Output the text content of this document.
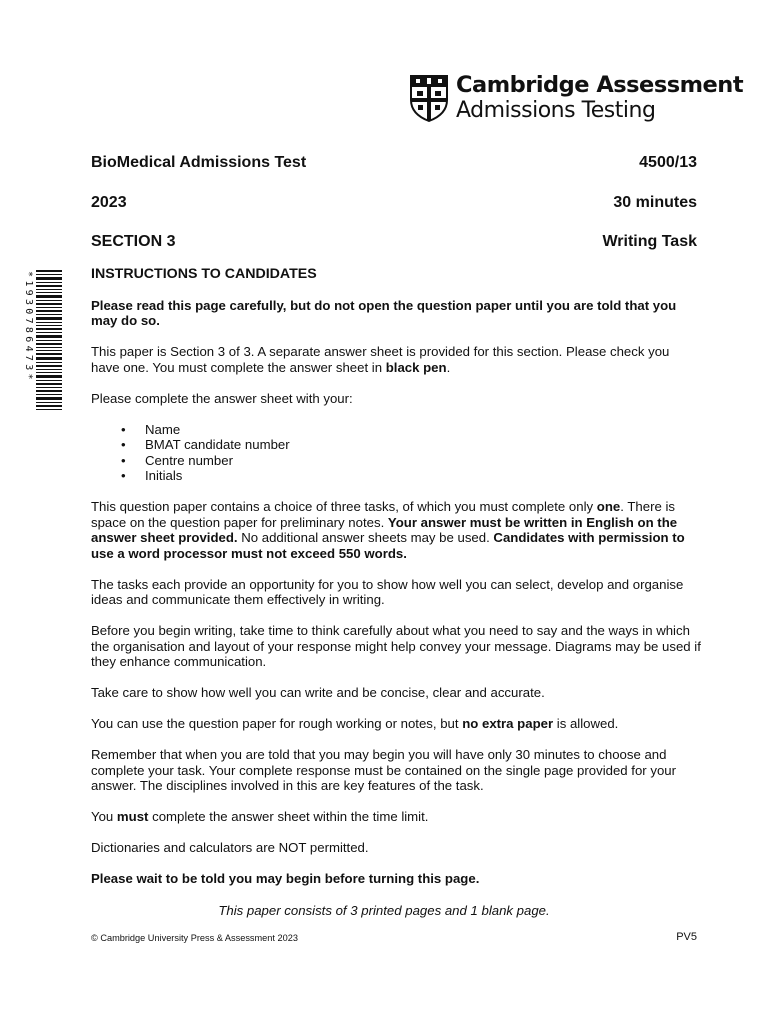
Cambridge Assessment
Admissions Testing
BioMedical Admissions Test	4500/13
2023	30 minutes
SECTION 3	Writing Task
*1930786473*	INSTRUCTIONS TO CANDIDATES

Please read this page carefully, but do not open the question paper until you are told that you may do so.

This paper is Section 3 of 3. A separate answer sheet is provided for this section. Please check you have one. You must complete the answer sheet in black pen.

Please complete the answer sheet with your:

• Name
• BMAT candidate number
• Centre number
• Initials

This question paper contains a choice of three tasks, of which you must complete only one. There is space on the question paper for preliminary notes. Your answer must be written in English on the answer sheet provided. No additional answer sheets may be used. Candidates with permission to use a word processor must not exceed 550 words.

The tasks each provide an opportunity for you to show how well you can select, develop and organise ideas and communicate them effectively in writing.

Before you begin writing, take time to think carefully about what you need to say and the ways in which the organisation and layout of your response might help convey your message. Diagrams may be used if they enhance communication.

Take care to show how well you can write and be concise, clear and accurate.

You can use the question paper for rough working or notes, but no extra paper is allowed.

Remember that when you are told that you may begin you will have only 30 minutes to choose and complete your task. Your complete response must be contained on the single page provided for your answer. The disciplines involved in this are key features of the task.

You must complete the answer sheet within the time limit.

Dictionaries and calculators are NOT permitted.

Please wait to be told you may begin before turning this page.

This paper consists of 3 printed pages and 1 blank page.
© Cambridge University Press & Assessment 2023	PV5
